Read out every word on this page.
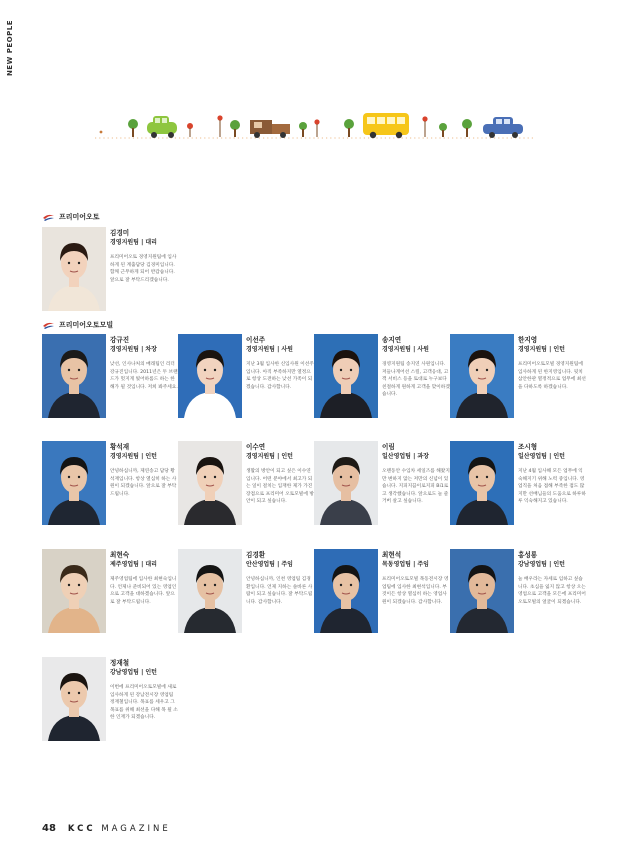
NEW PEOPLE
프리미어오토
프리미어오토모빌
김경미
경영지원팀 | 대리
프리미어오토 경영지원팀에 입사하게 된 계출담당 김경미입니다. 함께 근무하게 되어 반갑습니다. 앞으로 잘 부탁드리겠습니다.
강규진
경영지원팀 | 차장
낮선, 인사나처의 매래팀인 리더 강규진입니다. 2011년은 두 브랜드가 멋지게 빛어하롭드 하는 한 해가 될 것입니다. 저희 봐주세요.
이선주
경영지원팀 | 사원
지난 3월 입사한 신입사원 이선주입니다. 아직 부족하지만 열정으로 항상 도전하는 낮선 가족이 되겠습니다. 감사합니다.
송지연
경영지원팀 | 사원
경영지원팀 송지연 사원입니다. 저들나게어선 스킬, 고객응대, 고객 서비스 등을 토대로 누구보다 친절하게 원하게 고객을 맞이하겠습니다.
한지영
경영지원팀 | 인턴
프리미어오토모빌 경영지원팀에 입사하게 된 한지영입니다. 뒷치삼안한관 열정적으로 업무에 최선을 다하도록 하겠습니다.
황석재
경영지원팀 | 인턴
안녕하십니까, 제연송고 담당 황석재입니다. 항상 열심히 하는 사원이 되겠습니다. 앞으로 잘 부탁드립니다.
이수연
경영지원팀 | 인턴
생활의 방안이 되고 싶은 이수연입니다. 어떤 분야에서 최고가 되는 일이 걸치는 입재한 제가 가진 장점으로 프리미어 오토모빌에 방안이 되고 싶습니다.
이림
일산영업팀 | 과장
오랜동안 수입차 세일즈를 해왔지만 변하지 않는 저만의 신념이 있습니다. 지피지끔이로지피 Bi1로고 생각했습니다. 앞으로도 늘 즐거버 살고 싶습니다.
조시형
일산영업팀 | 인턴
지난 4월 입사해 모든 업무에 익숙해지기 위해 노력 중입니다. 영업직을 처음 접해 부족한 점도 많지만 선배님들의 도움으로 하루하루 익숙해지고 있습니다.
최현숙
제주영업팀 | 대리
제주영업팀에 입사한 최현숙입니다. 언제나 준비되어 있는 영업인으로 고객을 대하겠습니다. 앞으로 잘 부탁드립니다.
김경환
안산영업팀 | 주임
안녕하십니까, 인천 영업팀 김경환입니다. 언제 지하는 솔바른 사람이 되고 싶습니다. 잘 부탁드립니다. 감사합니다.
최현석
목동영업팀 | 주임
프리미어오토모빌 목동전시장 영업팀에 입사한 최현석입니다. 부것이든 항상 열심히 하는 영업사원이 되겠습니다. 감사합니다.
홍성룡
강남영업팀 | 인턴
늘 배우라는 자세로 임하고 싶습니다. 초심을 잃지 않고 항상 오는 영업으로 고객을 모든에 프리미어오토모빌의 얼굴이 되겠습니다.
정재철
강남영업팀 | 인턴
이번에 프리미어오토모빌에 새로 입사하게 된 강남전시장 영업팀 정재철입니다. 목표를 세우고 그 목표를 위해 최선을 다해 목 될 소한 인재가 되겠습니다.
48 KCC MAGAZINE
